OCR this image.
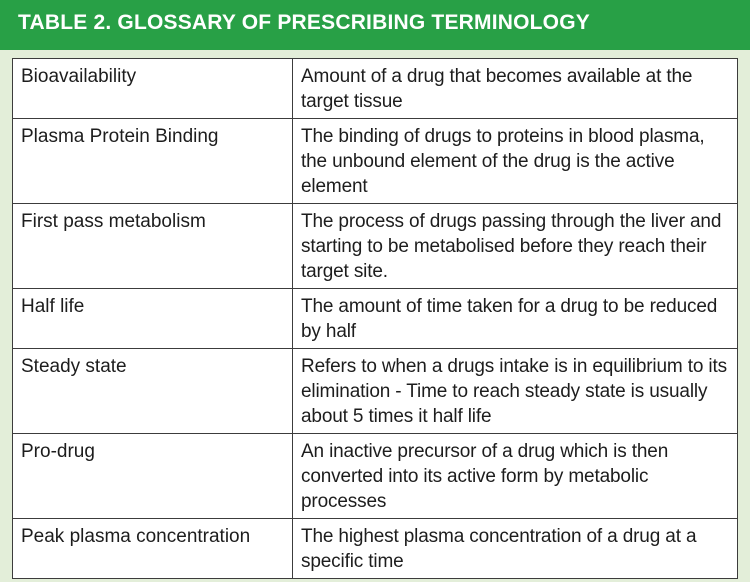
TABLE 2. GLOSSARY OF PRESCRIBING TERMINOLOGY
Bioavailability	Amount of a drug that becomes available at the target tissue
Plasma Protein Binding	The binding of drugs to proteins in blood plasma, the unbound element of the drug is the active element
First pass metabolism	The process of drugs passing through the liver and starting to be metabolised before they reach their target site.
Half life	The amount of time taken for a drug to be reduced by half
Steady state	Refers to when a drugs intake is in equilibrium to its elimination - Time to reach steady state is usually about 5 times it half life
Pro-drug	An inactive precursor of a drug which is then converted into its active form by metabolic processes
Peak plasma concentration	The highest plasma concentration of a drug at a specific time
